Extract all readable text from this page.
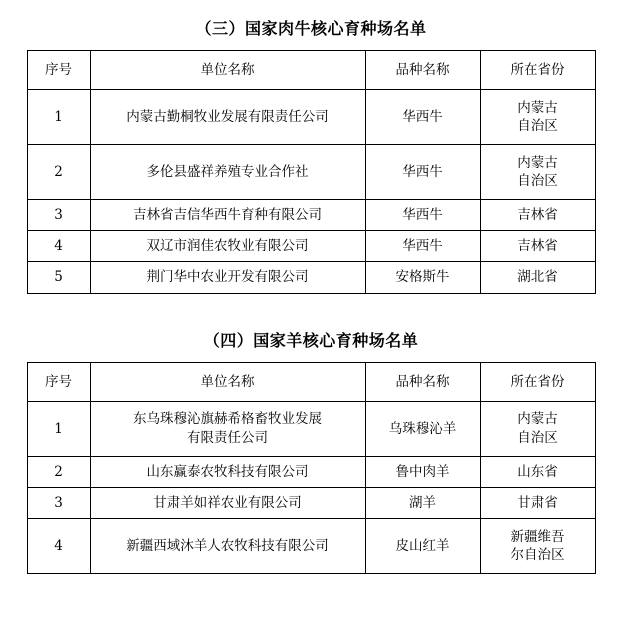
（三）国家肉牛核心育种场名单
序号	单位名称	品种名称	所在省份
1	内蒙古勤桐牧业发展有限责任公司	华西牛	内蒙古
自治区
2	多伦县盛祥养殖专业合作社	华西牛	内蒙古
自治区
3	吉林省吉信华西牛育种有限公司	华西牛	吉林省
4	双辽市润佳农牧业有限公司	华西牛	吉林省
5	荆门华中农业开发有限公司	安格斯牛	湖北省
（四）国家羊核心育种场名单
序号	单位名称	品种名称	所在省份
1	东乌珠穆沁旗赫希格畜牧业发展
有限责任公司	乌珠穆沁羊	内蒙古
自治区
2	山东赢泰农牧科技有限公司	鲁中肉羊	山东省
3	甘肃羊如祥农业有限公司	湖羊	甘肃省
4	新疆西域沐羊人农牧科技有限公司	皮山红羊	新疆维吾
尔自治区
